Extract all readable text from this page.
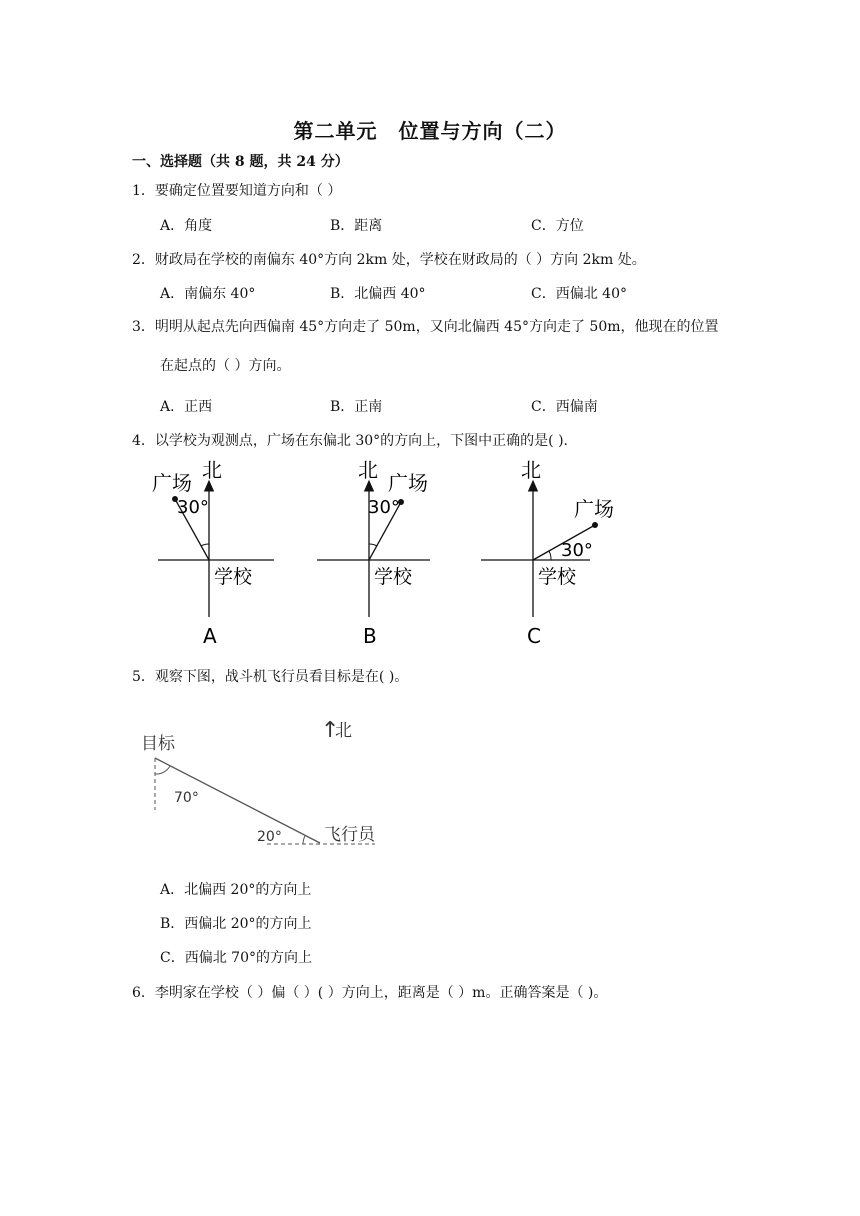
第二单元　位置与方向（二）
一、选择题（共 8 题，共 24 分）
1．要确定位置要知道方向和（ ）
A．角度	B．距离	C．方位
2．财政局在学校的南偏东 40°方向 2km 处，学校在财政局的（ ）方向 2km 处。
A．南偏东 40°	B．北偏西 40°	C．西偏北 40°
3．明明从起点先向西偏南 45°方向走了 50m，又向北偏西 45°方向走了 50m，他现在的位置
在起点的（ ）方向。
A．正西	B．正南	C．西偏南
4．以学校为观测点，广场在东偏北 30°的方向上，下图中正确的是( ).
北
广场
30°
学校
A
北
广场
30°
学校
B
北
广场
30°
学校
C
5．观察下图，战斗机飞行员看目标是在( )。
↑
北
目标
70°
20° 飞行员
A．北偏西 20°的方向上
B．西偏北 20°的方向上
C．西偏北 70°的方向上
6．李明家在学校（ ）偏（ ）( ）方向上，距离是（ ）m。正确答案是（ )。
